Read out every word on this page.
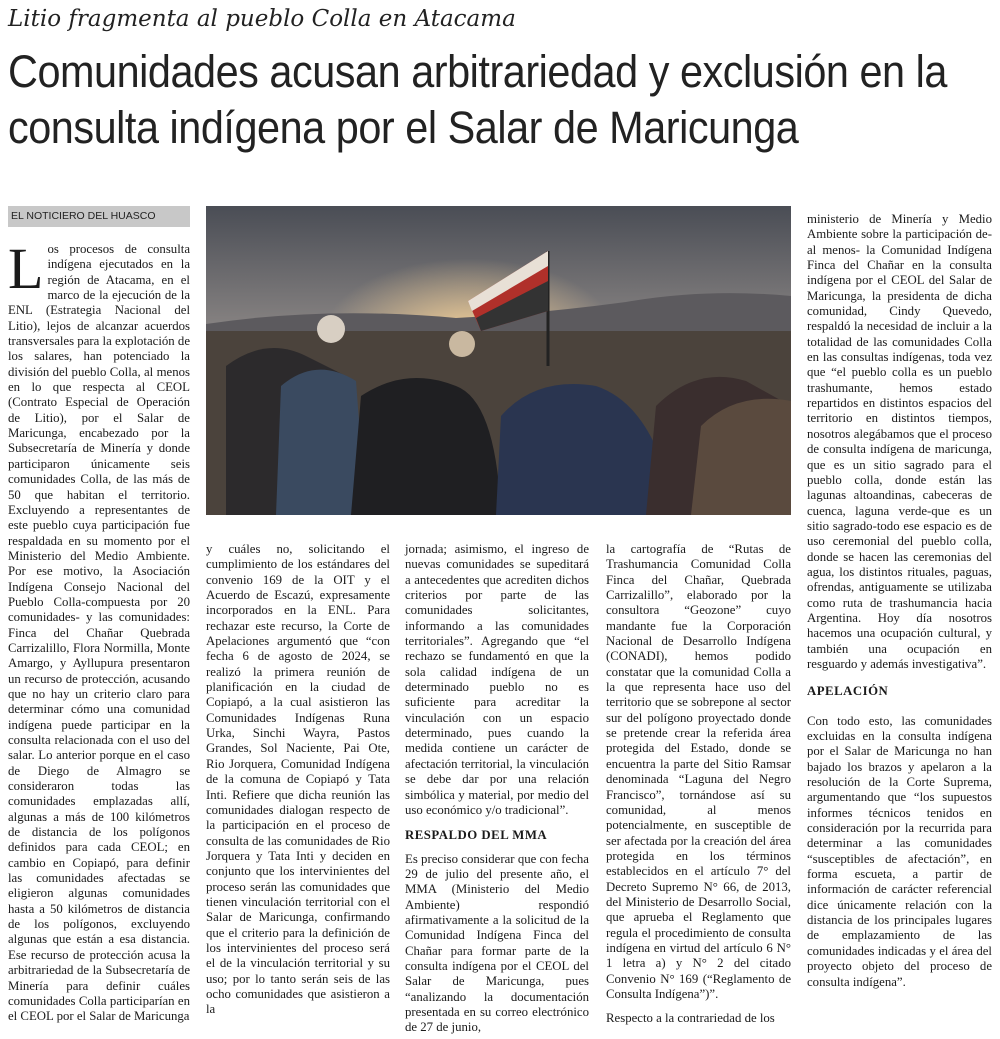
Litio fragmenta al pueblo Colla en Atacama
Comunidades acusan arbitrariedad y exclusión en la consulta indígena por el Salar de Maricunga
EL NOTICIERO DEL HUASCO

Los procesos de consulta indígena ejecutados en la región de Atacama, en el marco de la ejecución de la ENL (Estrategia Nacional del Litio), lejos de alcanzar acuerdos transversales para la explotación de los salares, han potenciado la división del pueblo Colla, al menos en lo que respecta al CEOL (Contrato Especial de Operación de Litio), por el Salar de Maricunga, encabezado por la Subsecretaría de Minería y donde participaron únicamente seis comunidades Colla, de las más de 50 que habitan el territorio. Excluyendo a representantes de este pueblo cuya participación fue respaldada en su momento por el Ministerio del Medio Ambiente. Por ese motivo, la Asociación Indígena Consejo Nacional del Pueblo Colla-compuesta por 20 comunidades- y las comunidades: Finca del Chañar Quebrada Carrizalillo, Flora Normilla, Monte Amargo, y Ayllupura presentaron un recurso de protección, acusando que no hay un criterio claro para determinar cómo una comunidad indígena puede participar en la consulta relacionada con el uso del salar. Lo anterior porque en el caso de Diego de Almagro se consideraron todas las comunidades emplazadas allí, algunas a más de 100 kilómetros de distancia de los polígonos definidos para cada CEOL; en cambio en Copiapó, para definir las comunidades afectadas se eligieron algunas comunidades hasta a 50 kilómetros de distancia de los polígonos, excluyendo algunas que están a esa distancia. Ese recurso de protección acusa la arbitrariedad de la Subsecretaría de Minería para definir cuáles comunidades Colla participarían en el CEOL por el Salar de Maricunga

y cuáles no, solicitando el cumplimiento de los estándares del convenio 169 de la OIT y el Acuerdo de Escazú, expresamente incorporados en la ENL. Para rechazar este recurso, la Corte de Apelaciones argumentó que “con fecha 6 de agosto de 2024, se realizó la primera reunión de planificación en la ciudad de Copiapó, a la cual asistieron las Comunidades Indígenas Runa Urka, Sinchi Wayra, Pastos Grandes, Sol Naciente, Pai Ote, Rio Jorquera, Comunidad Indígena de la comuna de Copiapó y Tata Inti. Refiere que dicha reunión las comunidades dialogan respecto de la participación en el proceso de consulta de las comunidades de Rio Jorquera y Tata Inti y deciden en conjunto que los intervinientes del proceso serán las comunidades que tienen vinculación territorial con el Salar de Maricunga, confirmando que el criterio para la definición de los intervinientes del proceso será el de la vinculación territorial y su uso; por lo tanto serán seis de las ocho comunidades que asistieron a la

jornada; asimismo, el ingreso de nuevas comunidades se supeditará a antecedentes que acrediten dichos criterios por parte de las comunidades solicitantes, informando a las comunidades territoriales”. Agregando que “el rechazo se fundamentó en que la sola calidad indígena de un determinado pueblo no es suficiente para acreditar la vinculación con un espacio determinado, pues cuando la medida contiene un carácter de afectación territorial, la vinculación se debe dar por una relación simbólica y material, por medio del uso económico y/o tradicional”.

RESPALDO DEL MMA

Es preciso considerar que con fecha 29 de julio del presente año, el MMA (Ministerio del Medio Ambiente) respondió afirmativamente a la solicitud de la Comunidad Indígena Finca del Chañar para formar parte de la consulta indígena por el CEOL del Salar de Maricunga, pues “analizando la documentación presentada en su correo electrónico de 27 de junio,

la cartografía de “Rutas de Trashumancia Comunidad Colla Finca del Chañar, Quebrada Carrizalillo”, elaborado por la consultora “Geozone” cuyo mandante fue la Corporación Nacional de Desarrollo Indígena (CONADI), hemos podido constatar que la comunidad Colla a la que representa hace uso del territorio que se sobrepone al sector sur del polígono proyectado donde se pretende crear la referida área protegida del Estado, donde se encuentra la parte del Sitio Ramsar denominada “Laguna del Negro Francisco”, tornándose así su comunidad, al menos potencialmente, en susceptible de ser afectada por la creación del área protegida en los términos establecidos en el artículo 7° del Decreto Supremo N° 66, de 2013, del Ministerio de Desarrollo Social, que aprueba el Reglamento que regula el procedimiento de consulta indígena en virtud del artículo 6 N° 1 letra a) y N° 2 del citado Convenio N° 169 (“Reglamento de Consulta Indígena”)”.

Respecto a la contrariedad de los

ministerio de Minería y Medio Ambiente sobre la participación de-al menos- la Comunidad Indígena Finca del Chañar en la consulta indígena por el CEOL del Salar de Maricunga, la presidenta de dicha comunidad, Cindy Quevedo, respaldó la necesidad de incluir a la totalidad de las comunidades Colla en las consultas indígenas, toda vez que “el pueblo colla es un pueblo trashumante, hemos estado repartidos en distintos espacios del territorio en distintos tiempos, nosotros alegábamos que el proceso de consulta indígena de maricunga, que es un sitio sagrado para el pueblo colla, donde están las lagunas altoandinas, cabeceras de cuenca, laguna verde-que es un sitio sagrado-todo ese espacio es de uso ceremonial del pueblo colla, donde se hacen las ceremonias del agua, los distintos rituales, paguas, ofrendas, antiguamente se utilizaba como ruta de trashumancia hacia Argentina. Hoy día nosotros hacemos una ocupación cultural, y también una ocupación en resguardo y además investigativa”.

APELACIÓN

Con todo esto, las comunidades excluidas en la consulta indígena por el Salar de Maricunga no han bajado los brazos y apelaron a la resolución de la Corte Suprema, argumentando que “los supuestos informes técnicos tenidos en consideración por la recurrida para determinar a las comunidades “susceptibles de afectación”, en forma escueta, a partir de información de carácter referencial dice únicamente relación con la distancia de los principales lugares de emplazamiento de las comunidades indicadas y el área del proyecto objeto del proceso de consulta indígena”.
